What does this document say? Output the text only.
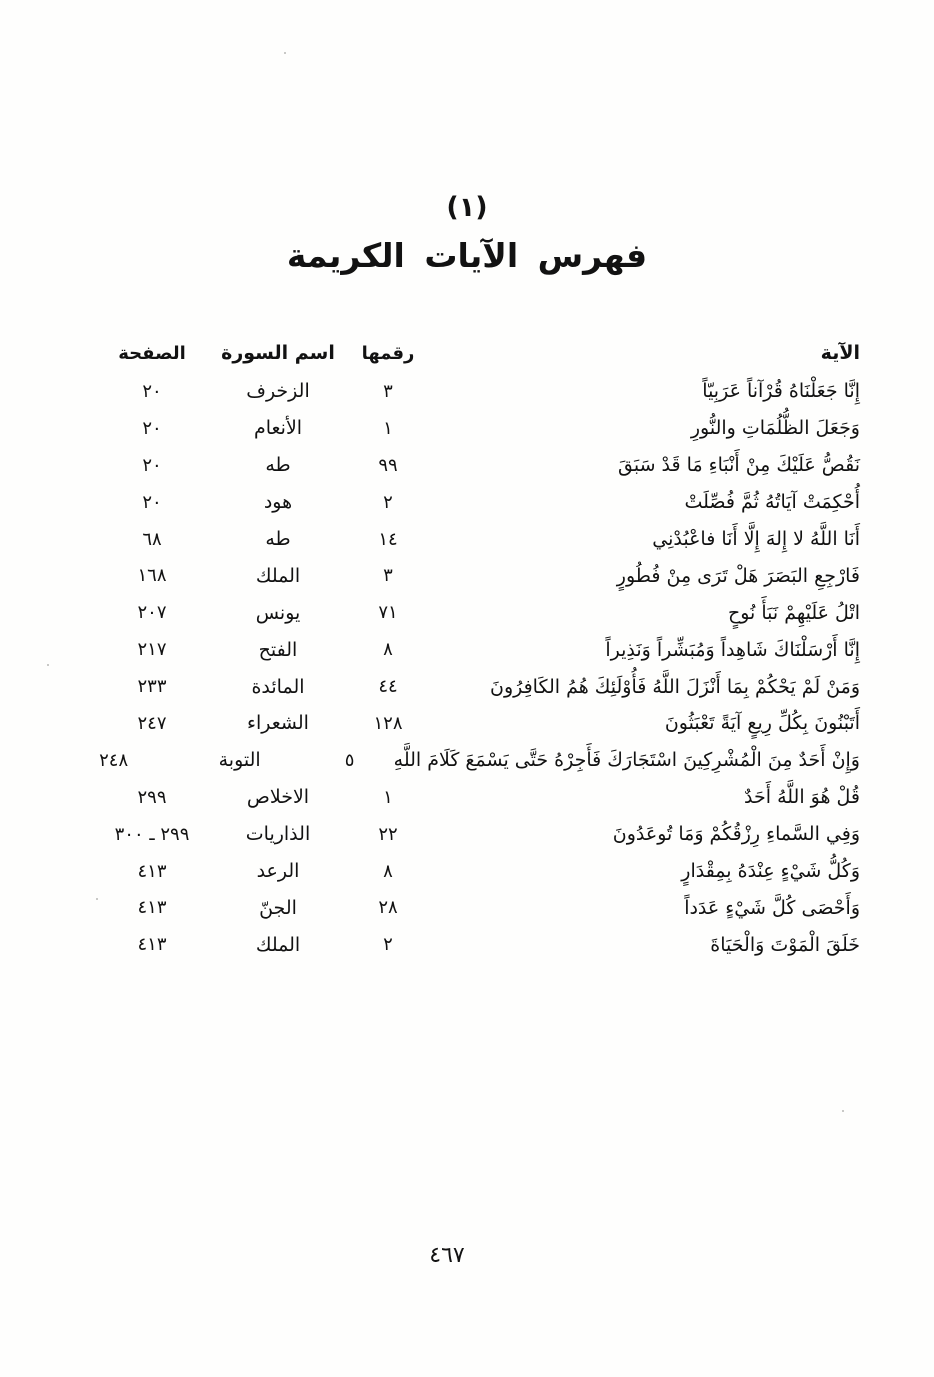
(١)
فهرس الآيات الكريمة
الآية
رقمها
اسم السورة
الصفحة
إِنَّا جَعَلْنَاهُ قُرْآناً عَرَبِيّاً
٣
الزخرف
٢٠
وَجَعَلَ الظُّلُمَاتِ والنُّورِ
١
الأنعام
٢٠
نَقُصُّ عَلَيْكَ مِنْ أَنْبَاءِ مَا قَدْ سَبَقَ
٩٩
طه
٢٠
أُحْكِمَتْ آيَاتُهُ ثُمَّ فُصِّلَتْ
٢
هود
٢٠
أَنَا اللَّهُ لا إِلهَ إِلَّا أَنَا فاعْبُدْنِي
١٤
طه
٦٨
فَارْجِعِ البَصَرَ هَلْ تَرَى مِنْ فُطُورٍ
٣
الملك
١٦٨
اتْلُ عَلَيْهِمْ نَبَأَ نُوحٍ
٧١
يونس
٢٠٧
إِنَّا أَرْسَلْنَاكَ شَاهِداً وَمُبَشِّراً وَنَذِيراً
٨
الفتح
٢١٧
وَمَنْ لَمْ يَحْكُمْ بِمَا أَنْزَلَ اللَّهُ فَأُوْلَئِكَ هُمُ الكَافِرُونَ
٤٤
المائدة
٢٣٣
أَتَبْنُونَ بِكُلِّ رِيعٍ آيَةً تَعْبَثُونَ
١٢٨
الشعراء
٢٤٧
وَإِنْ أَحَدٌ مِنَ الْمُشْرِكِينَ اسْتَجَارَكَ فَأَجِرْهُ حَتَّى يَسْمَعَ كَلَامَ اللَّهِ
٥
التوبة
٢٤٨
قُلْ هُوَ اللَّهُ أَحَدٌ
١
الاخلاص
٢٩٩
وَفِي السَّماءِ رِزْقُكُمْ وَمَا تُوعَدُونَ
٢٢
الذاريات
٢٩٩ ـ ٣٠٠
وَكُلُّ شَيْءٍ عِنْدَهُ بِمِقْدَارٍ
٨
الرعد
٤١٣
وَأَحْصَى كُلَّ شَيْءٍ عَدَداً
٢٨
الجنّ
٤١٣
خَلَقَ الْمَوْتَ وَالْحَيَاةَ
٢
الملك
٤١٣
٤٦٧
